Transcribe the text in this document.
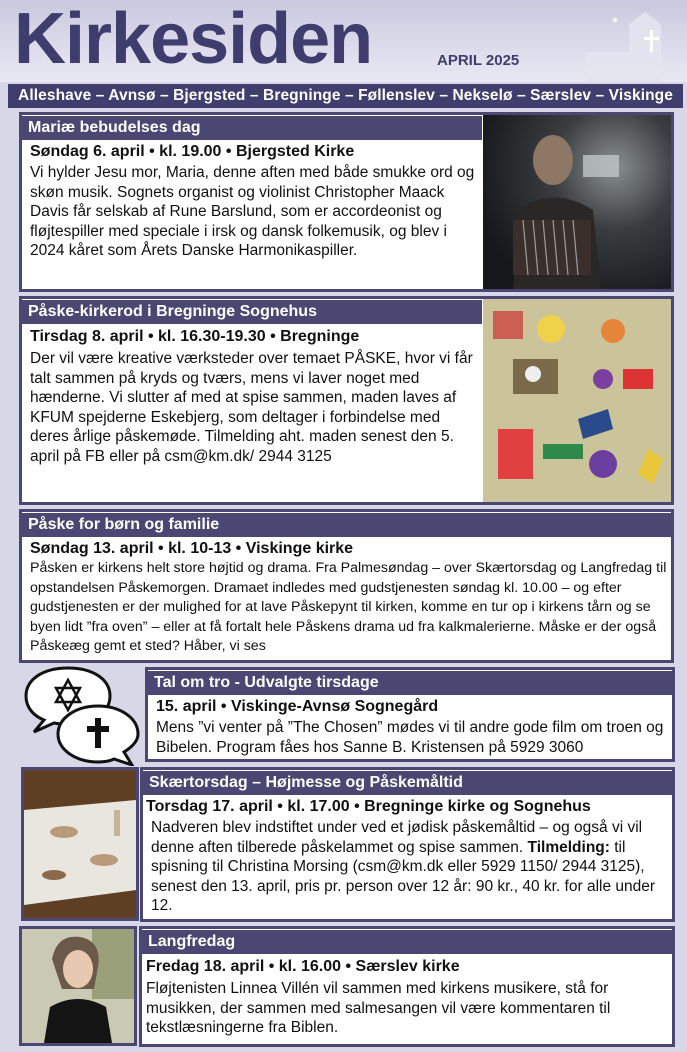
Kirkesiden	APRIL 2025
Alleshave – Avnsø – Bjergsted – Bregninge – Føllenslev – Nekselø – Særslev – Viskinge
Mariæ bebudelses dag
Søndag 6. april • kl. 19.00 • Bjergsted Kirke
Vi hylder Jesu mor, Maria, denne aften med både smukke ord og skøn musik. Sognets organist og violinist Christopher Maack Davis får selskab af Rune Barslund, som er accordeonist og fløjtespiller med speciale i irsk og dansk folkemusik, og blev i 2024 kåret som Årets Danske Harmonikaspiller.
Påske-kirkerod i Bregninge Sognehus
Tirsdag 8. april • kl. 16.30-19.30 • Bregninge
Der vil være kreative værksteder over temaet PÅSKE, hvor vi får talt sammen på kryds og tværs, mens vi laver noget med hænderne. Vi slutter af med at spise sammen, maden laves af KFUM spejderne Eskebjerg, som deltager i forbindelse med deres årlige påskemøde. Tilmelding aht. maden senest den 5. april på FB eller på csm@km.dk/ 2944 3125
Påske for børn og familie
Søndag 13. april • kl. 10-13 • Viskinge kirke
Påsken er kirkens helt store højtid og drama. Fra Palmesøndag – over Skærtorsdag og Langfredag til opstandelsen Påskemorgen. Dramaet indledes med gudstjenesten søndag kl. 10.00 – og efter gudstjenesten er der mulighed for at lave Påskepynt til kirken, komme en tur op i kirkens tårn og se byen lidt ”fra oven” – eller at få fortalt hele Påskens drama ud fra kalkmalerierne. Måske er der også Påskeæg gemt et sted? Håber, vi ses
Tal om tro - Udvalgte tirsdage
15. april • Viskinge-Avnsø Sognegård
Mens ”vi venter på ”The Chosen” mødes vi til andre gode film om troen og Bibelen. Program fåes hos Sanne B. Kristensen på 5929 3060
Skærtorsdag – Højmesse og Påskemåltid
Torsdag 17. april • kl. 17.00 • Bregninge kirke og Sognehus
Nadveren blev indstiftet under ved et jødisk påskemåltid – og også vi vil denne aften tilberede påskelammet og spise sammen. Tilmelding: til spisning til Christina Morsing (csm@km.dk eller 5929 1150/ 2944 3125), senest den 13. april, pris pr. person over 12 år: 90 kr., 40 kr. for alle under 12.
Langfredag
Fredag 18. april • kl. 16.00 • Særslev kirke
Fløjtenisten Linnea Villén vil sammen med kirkens musikere, stå for musikken, der sammen med salmesangen vil være kommentaren til tekstlæsningerne fra Biblen.
